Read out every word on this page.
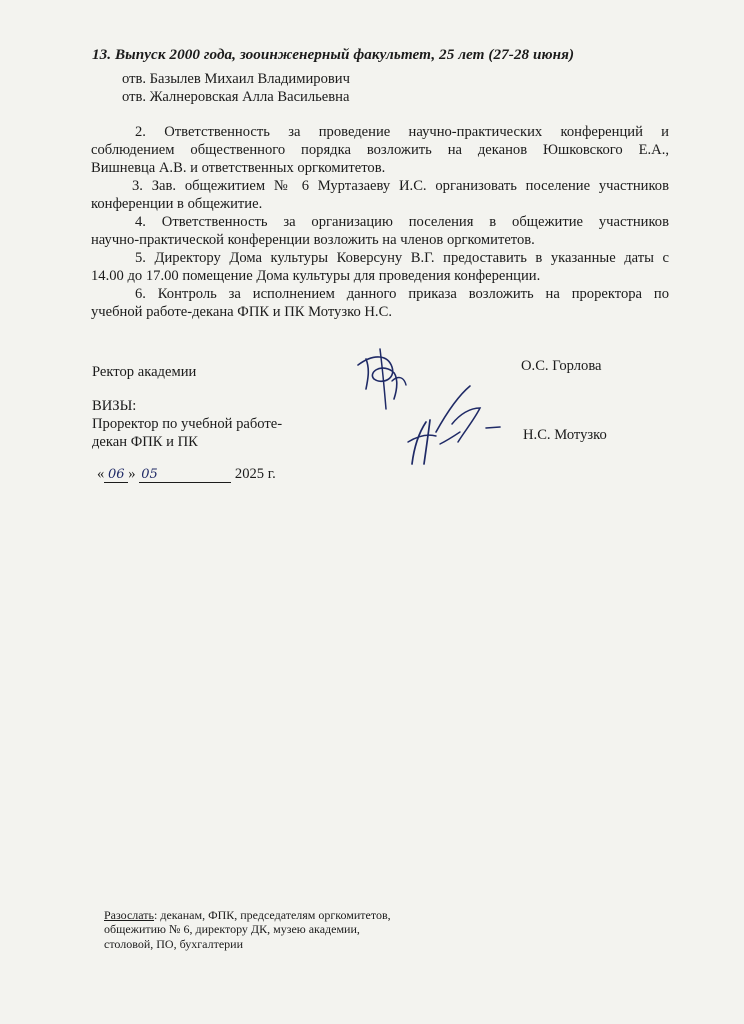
13. Выпуск 2000 года, зооинженерный факультет, 25 лет (27-28 июня)
отв. Базылев Михаил Владимирович
отв. Жалнеровская Алла Васильевна
2. Ответственность за проведение научно-практических конференций и
соблюдением общественного порядка возложить на деканов Юшковского Е.А.,
Вишневца А.В. и ответственных оргкомитетов.
3. Зав. общежитием № 6 Муртазаеву И.С. организовать поселение участников
конференции в общежитие.
4. Ответственность за организацию поселения в общежитие участников
научно-практической конференции возложить на членов оргкомитетов.
5. Директору Дома культуры Коверсуну В.Г. предоставить в указанные даты с
14.00 до 17.00 помещение Дома культуры для проведения конференции.
6. Контроль за исполнением данного приказа возложить на проректора по
учебной работе-декана ФПК и ПК Мотузко Н.С.
Ректор академии	О.С. Горлова
ВИЗЫ:
Проректор по учебной работе-
декан ФПК и ПК	Н.С. Мотузко
« 06 » 05	2025 г.
Разослать: деканам, ФПК, председателям оргкомитетов,
общежитию № 6, директору ДК, музею академии,
столовой, ПО, бухгалтерии
